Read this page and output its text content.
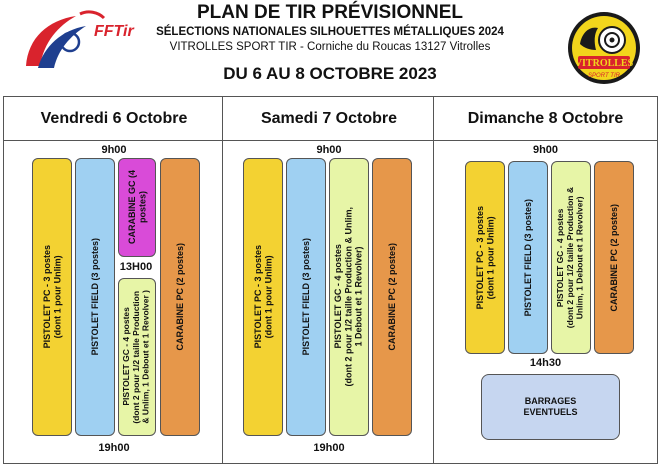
FFTir
PLAN DE TIR PRÉVISIONNEL
SÉLECTIONS NATIONALES SILHOUETTES MÉTALLIQUES 2024
VITROLLES SPORT TIR - Corniche du Roucas 13127 Vitrolles
DU 6 AU 8 OCTOBRE 2023
VITROLLES
SPORT TIR
Vendredi 6 Octobre
9h00
PISTOLET PC - 3 postes
(dont 1 pour Unlim)	PISTOLET FIELD (3 postes)
CARABINE GC (4
postes)
13H00
PISTOLET GC - 4 postes
(dont 2 pour 1/2 taille Production
& Unlim, 1 Debout et 1 Revolver )	CARABINE PC (2 postes)
19h00
Samedi 7 Octobre
9h00
PISTOLET PC - 3 postes
(dont 1 pour Unlim)	PISTOLET FIELD (3 postes)	PISTOLET GC - 4 postes
(dont 2 pour 1/2 taille Production & Unlim,
1 Debout et 1 Revolver)	CARABINE PC (2 postes)
19h00
Dimanche 8 Octobre
9h00
PISTOLET PC - 3 postes
(dont 1 pour Unlim)	PISTOLET FIELD (3 postes)	PISTOLET GC - 4 postes
(dont 2 pour 1/2 taille Production &
Unlim, 1 Debout et 1 Revolver)	CARABINE PC (2 postes)
14h30
BARRAGES
EVENTUELS
